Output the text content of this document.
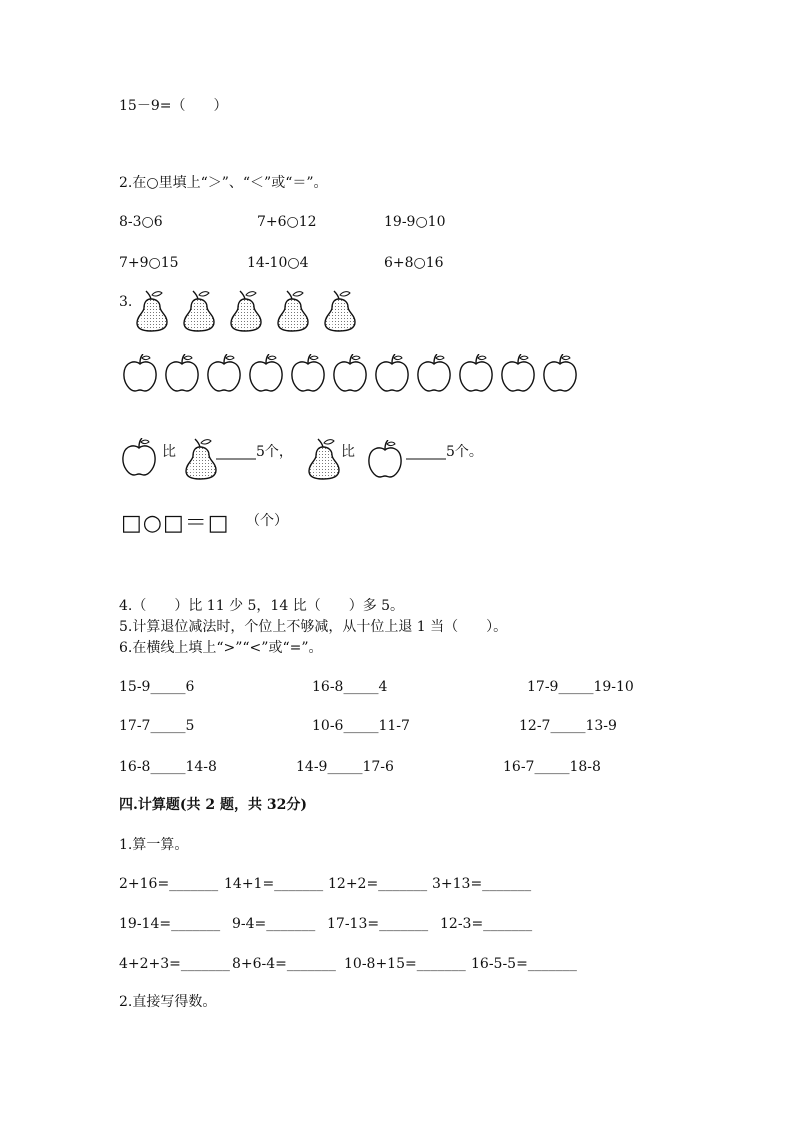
15－9=（　　）
2.在○里填上“＞”、“＜”或“＝”。
8-3○6	7+6○12	19-9○10
7+9○15	14-10○4	6+8○16
3.
比	5个，	比	5个。
□○□＝□ （个）
4.（　　）比 11 少 5，14 比（　　）多 5。
5.计算退位减法时，个位上不够减，从十位上退 1 当（　　）。
6.在横线上填上“>”“<”或“=”。
15-9_____6	16-8_____4	17-9_____19-10
17-7_____5	10-6_____11-7	12-7_____13-9
16-8_____14-8	14-9_____17-6	16-7_____18-8
四.计算题(共 2 题，共 32分)
1.算一算。
2+16=_______ 14+1=_______ 12+2=_______ 3+13=_______
19-14=_______ 9-4=_______ 17-13=_______ 12-3=_______
4+2+3=_______ 8+6-4=_______ 10-8+15=_______ 16-5-5=_______
2.直接写得数。
